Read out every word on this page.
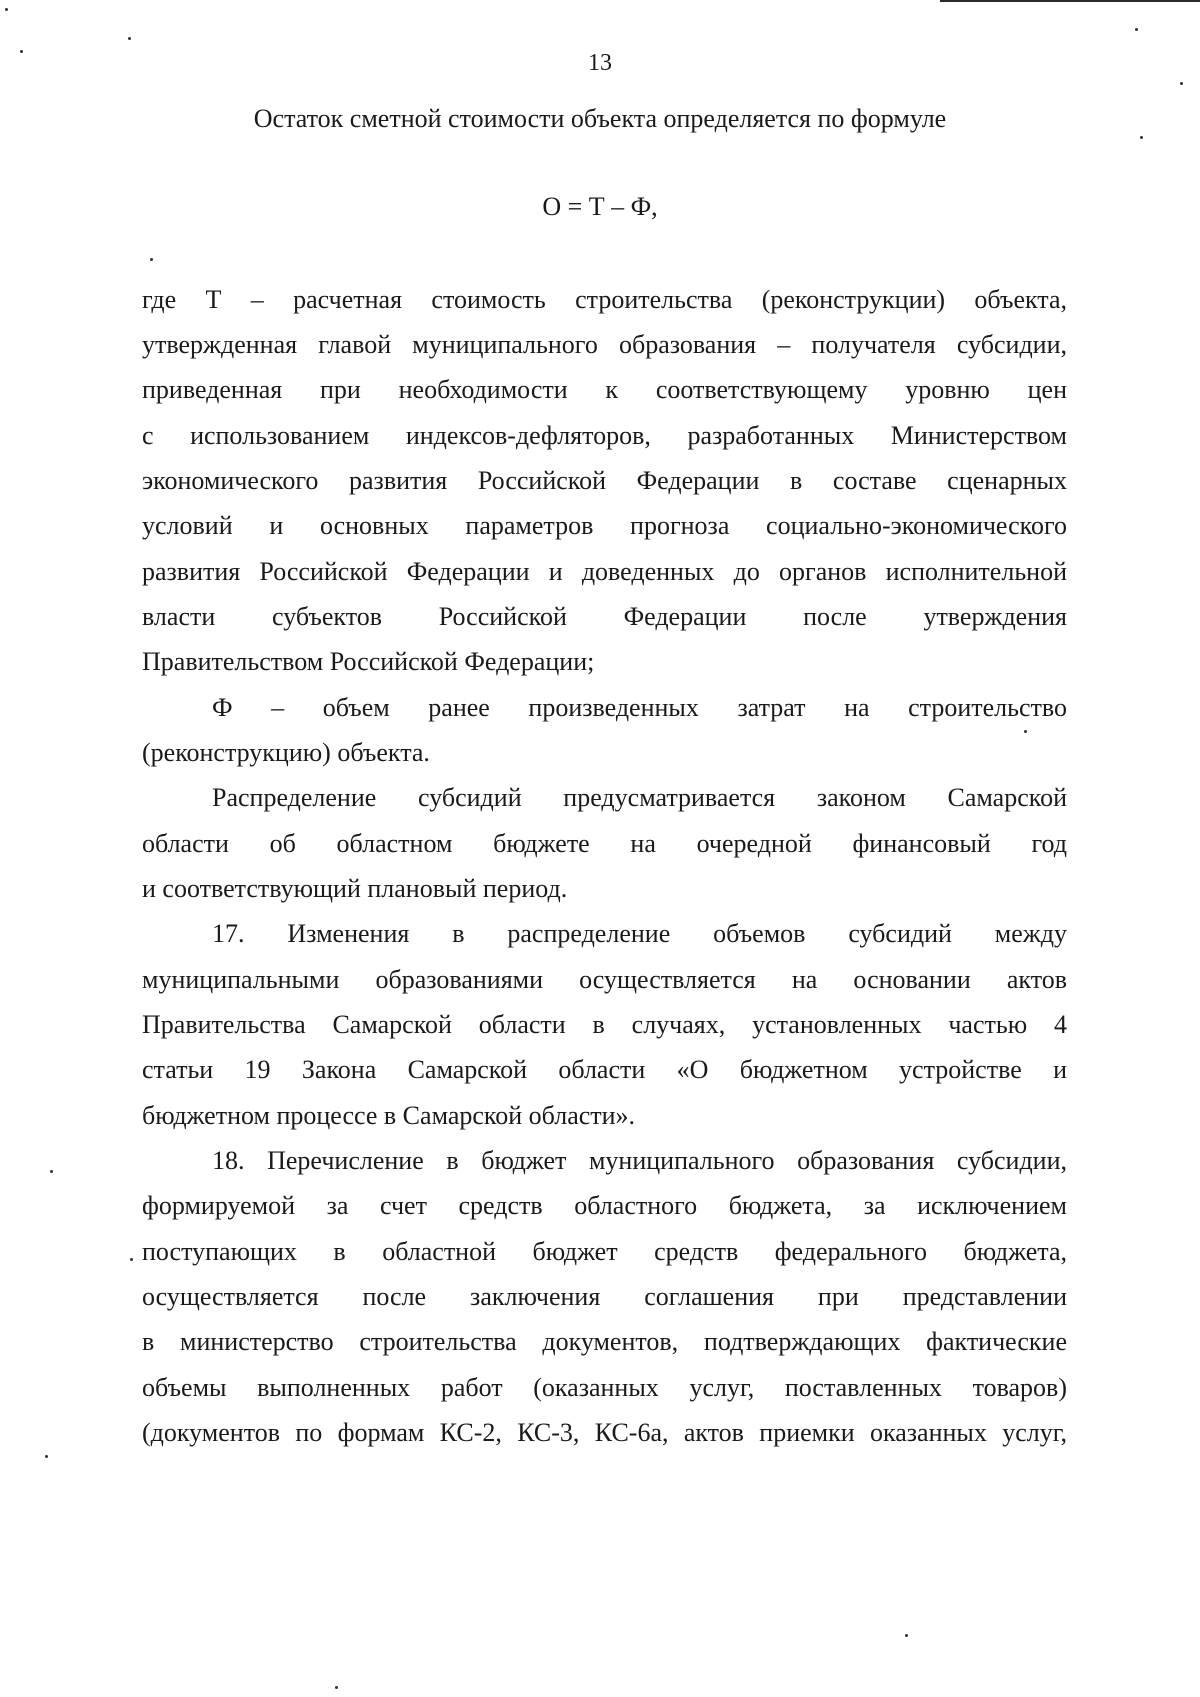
13
Остаток сметной стоимости объекта определяется по формуле
О = Т – Ф,
где Т – расчетная стоимость строительства (реконструкции) объекта,
утвержденная главой муниципального образования – получателя субсидии,
приведенная при необходимости к соответствующему уровню цен
с использованием индексов-дефляторов, разработанных Министерством
экономического развития Российской Федерации в составе сценарных
условий и основных параметров прогноза социально-экономического
развития Российской Федерации и доведенных до органов исполнительной
власти субъектов Российской Федерации после утверждения
Правительством Российской Федерации;
Ф – объем ранее произведенных затрат на строительство
(реконструкцию) объекта.
Распределение субсидий предусматривается законом Самарской
области об областном бюджете на очередной финансовый год
и соответствующий плановый период.
17. Изменения в распределение объемов субсидий между
муниципальными образованиями осуществляется на основании актов
Правительства Самарской области в случаях, установленных частью 4
статьи 19 Закона Самарской области «О бюджетном устройстве и
бюджетном процессе в Самарской области».
18. Перечисление в бюджет муниципального образования субсидии,
формируемой за счет средств областного бюджета, за исключением
поступающих в областной бюджет средств федерального бюджета,
осуществляется после заключения соглашения при представлении
в министерство строительства документов, подтверждающих фактические
объемы выполненных работ (оказанных услуг, поставленных товаров)
(документов по формам КС-2, КС-3, КС-6а, актов приемки оказанных услуг,
